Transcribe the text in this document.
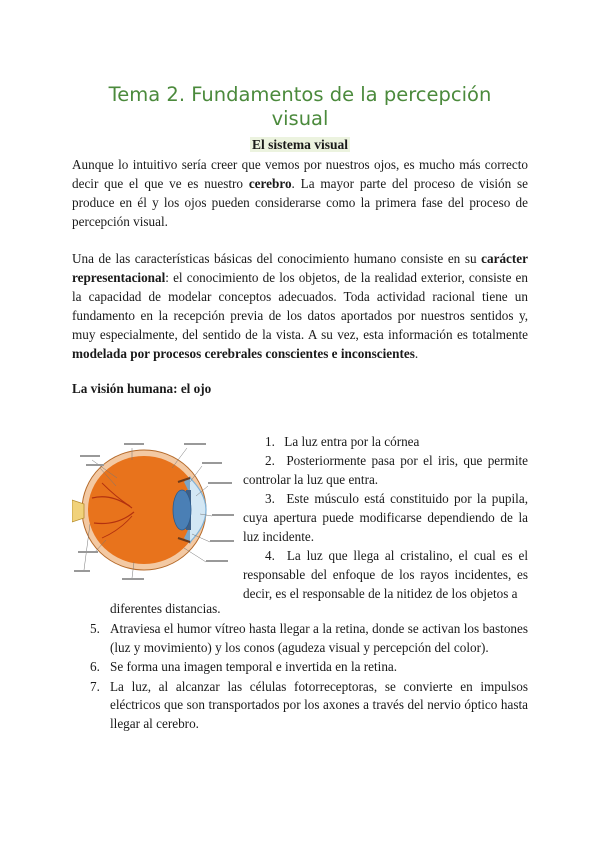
Tema 2. Fundamentos de la percepción visual
El sistema visual

Aunque lo intuitivo sería creer que vemos por nuestros ojos, es mucho más correcto decir que el que ve es nuestro cerebro. La mayor parte del proceso de visión se produce en él y los ojos pueden considerarse como la primera fase del proceso de percepción visual.

Una de las características básicas del conocimiento humano consiste en su carácter representacional: el conocimiento de los objetos, de la realidad exterior, consiste en la capacidad de modelar conceptos adecuados. Toda actividad racional tiene un fundamento en la recepción previa de los datos aportados por nuestros sentidos y, muy especialmente, del sentido de la vista. A su vez, esta información es totalmente modelada por procesos cerebrales conscientes e inconscientes.

La visión humana: el ojo

1. La luz entra por la córnea

2. Posteriormente pasa por el iris, que permite controlar la luz que entra.

3. Este músculo está constituido por la pupila, cuya apertura puede modificarse dependiendo de la luz incidente.

4. La luz que llega al cristalino, el cual es el responsable del enfoque de los rayos incidentes, es decir, es el responsable de la nitidez de los objetos a

diferentes distancias.

5. Atraviesa el humor vítreo hasta llegar a la retina, donde se activan los bastones (luz y movimiento) y los conos (agudeza visual y percepción del color).
6. Se forma una imagen temporal e invertida en la retina.
7. La luz, al alcanzar las células fotorreceptoras, se convierte en impulsos eléctricos que son transportados por los axones a través del nervio óptico hasta llegar al cerebro.
